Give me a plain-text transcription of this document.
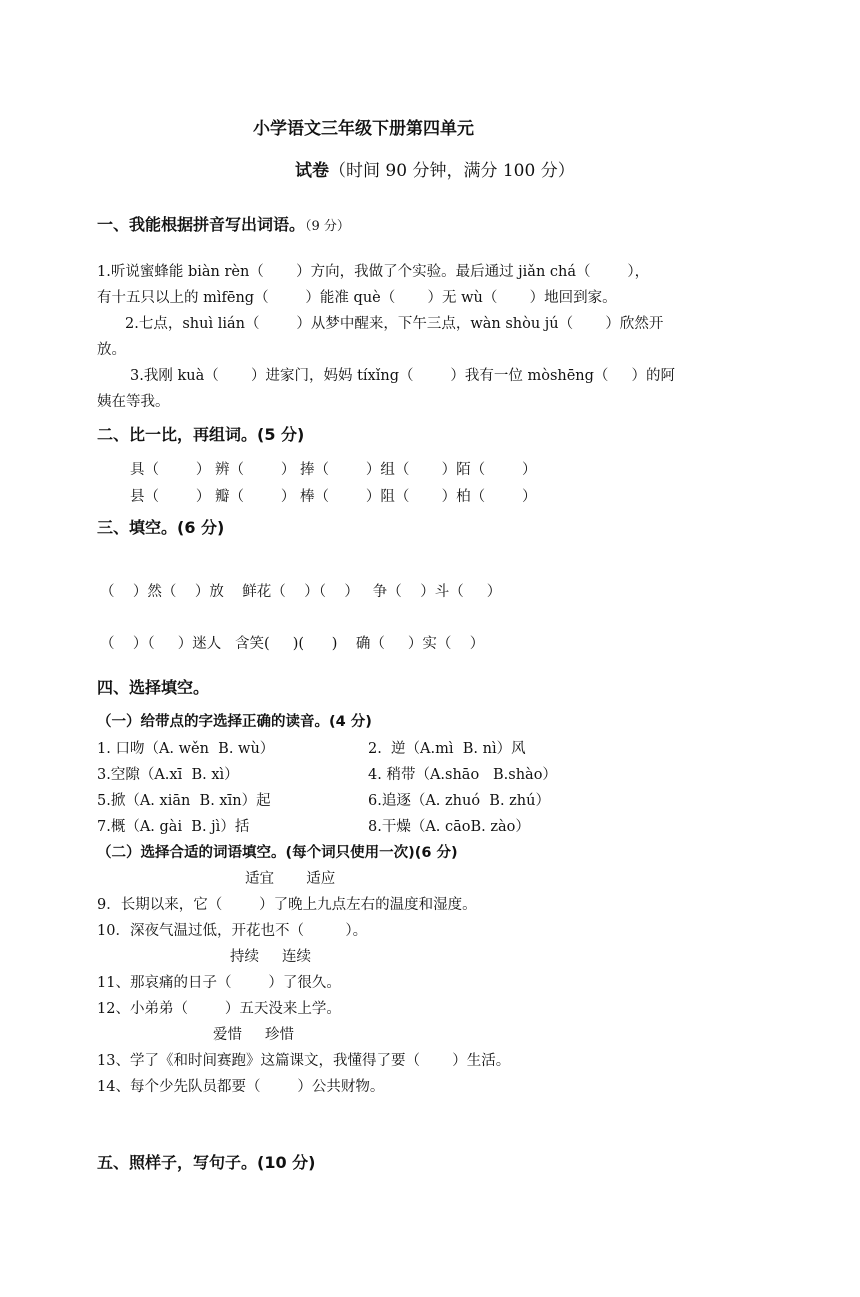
小学语文三年级下册第四单元
试卷（时间 90 分钟，满分 100 分）
一、我能根据拼音写出词语。（9 分）
1.听说蜜蜂能 biàn rèn（       ）方向，我做了个实验。最后通过 jiǎn chá（        ），
有十五只以上的 mìfēng（        ）能准 què（       ）无 wù（       ）地回到家。
2.七点，shuì lián（        ）从梦中醒来，下午三点，wàn shòu jú（       ）欣然开
放。
3.我刚 kuà（       ）进家门，妈妈 tíxǐng（        ）我有一位 mòshēng（     ）的阿
姨在等我。
二、比一比，再组词。(5 分)
具（        ） 辨（        ） 捧（        ）组（       ）陌（        ）
县（        ） 瓣（        ） 棒（        ）阻（       ）柏（        ）
三、填空。(6 分)
（    ）然（    ）放    鲜花（    ）（    ）   争（    ）斗（     ）
（    ）（     ）迷人   含笑(     )(      )    确（     ）实（    ）
四、选择填空。
（一）给带点的字选择正确的读音。(4 分)
1. 口吻（A. wěn  B. wù）	2.  逆（A.mì  B. nì）风
3.空隙（A.xī  B. xì）	4. 稍带（A.shāo   B.shào）
5.掀（A. xiān  B. xīn）起	6.追逐（A. zhuó  B. zhú）
7.概（A. gài  B. jì）括	8.干燥（A. cāoB. zào）
（二）选择合适的词语填空。(每个词只使用一次)(6 分)
适宜       适应
9．长期以来，它（        ）了晚上九点左右的温度和湿度。
10．深夜气温过低，开花也不（         ）。
持续     连续
11、那哀痛的日子（        ）了很久。
12、小弟弟（        ）五天没来上学。
爱惜     珍惜
13、学了《和时间赛跑》这篇课文，我懂得了要（       ）生活。
14、每个少先队员都要（        ）公共财物。
五、照样子，写句子。(10 分)
